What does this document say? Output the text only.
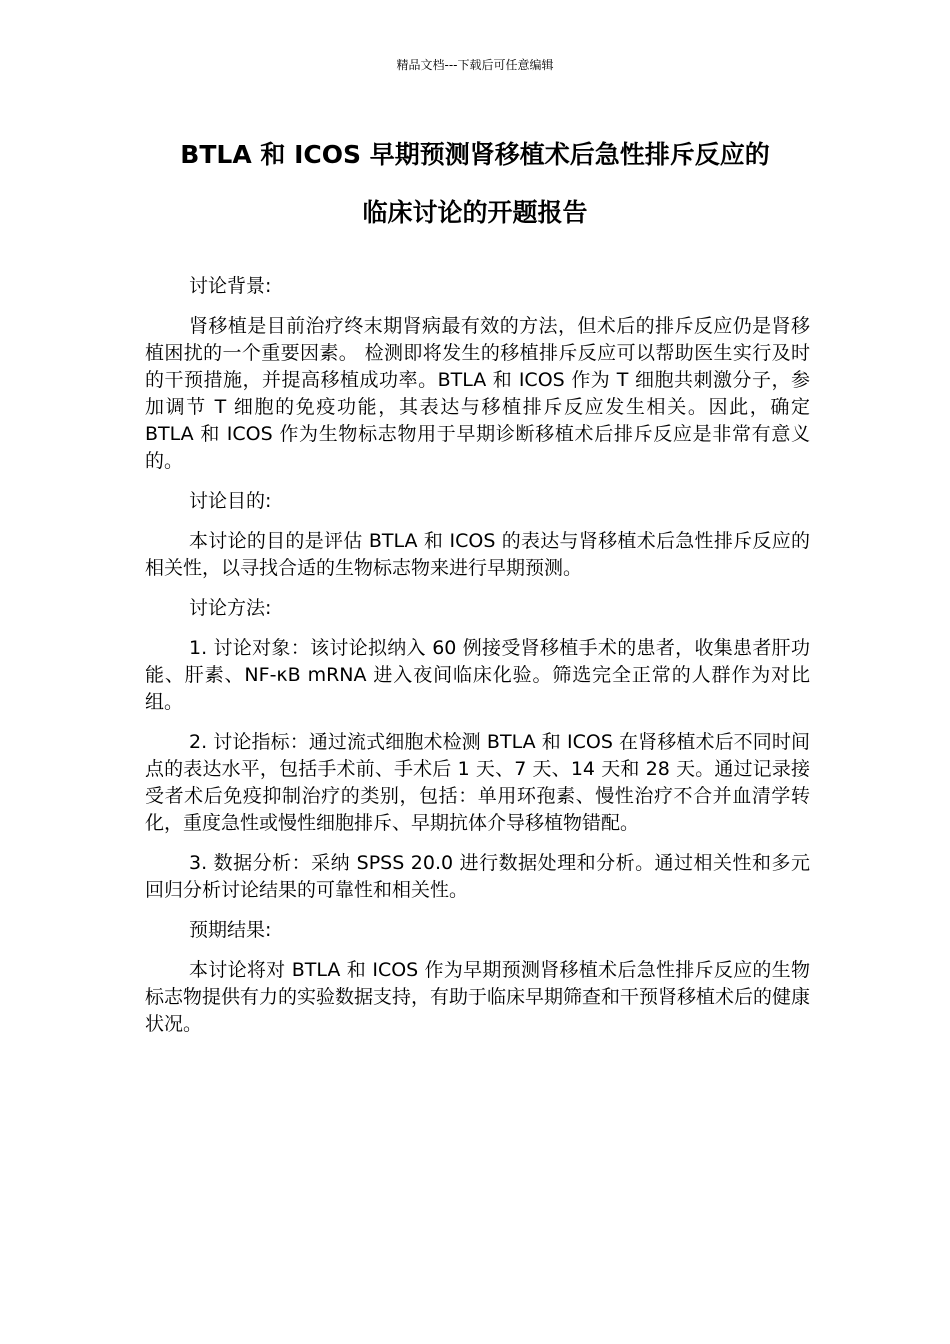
精品文档---下载后可任意编辑
BTLA 和 ICOS 早期预测肾移植术后急性排斥反应的
临床讨论的开题报告

讨论背景:

肾移植是目前治疗终末期肾病最有效的方法，但术后的排斥反应仍是肾移植困扰的一个重要因素。 检测即将发生的移植排斥反应可以帮助医生实行及时的干预措施，并提高移植成功率。BTLA 和 ICOS 作为 T 细胞共刺激分子，参加调节 T 细胞的免疫功能，其表达与移植排斥反应发生相关。因此，确定 BTLA 和 ICOS 作为生物标志物用于早期诊断移植术后排斥反应是非常有意义的。

讨论目的:

本讨论的目的是评估 BTLA 和 ICOS 的表达与肾移植术后急性排斥反应的相关性，以寻找合适的生物标志物来进行早期预测。

讨论方法:

1. 讨论对象：该讨论拟纳入 60 例接受肾移植手术的患者，收集患者肝功能、肝素、NF-κB mRNA 进入夜间临床化验。筛选完全正常的人群作为对比组。

2. 讨论指标：通过流式细胞术检测 BTLA 和 ICOS 在肾移植术后不同时间点的表达水平，包括手术前、手术后 1 天、7 天、14 天和 28 天。通过记录接受者术后免疫抑制治疗的类别，包括：单用环孢素、慢性治疗不合并血清学转化，重度急性或慢性细胞排斥、早期抗体介导移植物错配。

3. 数据分析：采纳 SPSS 20.0 进行数据处理和分析。通过相关性和多元回归分析讨论结果的可靠性和相关性。

预期结果:

本讨论将对 BTLA 和 ICOS 作为早期预测肾移植术后急性排斥反应的生物标志物提供有力的实验数据支持，有助于临床早期筛查和干预肾移植术后的健康状况。
